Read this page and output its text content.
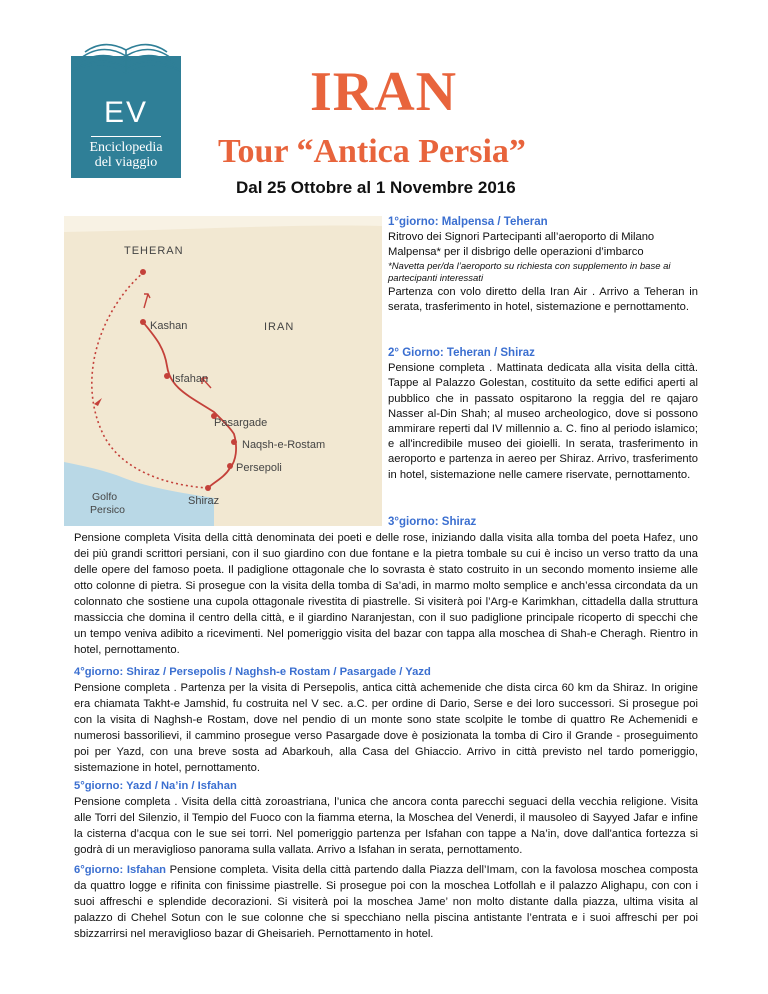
EV
Enciclopedia
del viaggio
IRAN
Tour “Antica Persia”
Dal 25 Ottobre al 1 Novembre 2016
TEHERAN
Kashan	IRAN
Isfahan
Pasargade
Naqsh-e-Rostam
Persepoli
Shiraz
Golfo
Persico
1°giorno: Malpensa / Teheran
Ritrovo dei Signori Partecipanti all’aeroporto di Milano Malpensa* per il disbrigo delle operazioni d’imbarco
*Navetta per/da l’aeroporto su richiesta con supplemento in base ai partecipanti interessati
Partenza con volo diretto della Iran Air . Arrivo a Teheran in serata, trasferimento in hotel, sistemazione e pernottamento.
2° Giorno: Teheran / Shiraz
Pensione completa . Mattinata dedicata alla visita della città. Tappe al Palazzo Golestan, costituito da sette edifici aperti al pubblico che in passato ospitarono la reggia del re qajaro Nasser al-Din Shah; al museo archeologico, dove si possono ammirare reperti dal IV millennio a. C. fino al periodo islamico; e all'incredibile museo dei gioielli. In serata, trasferimento in aeroporto e partenza in aereo per Shiraz. Arrivo, trasferimento in hotel, sistemazione nelle camere riservate, pernottamento.
3°giorno: Shiraz
Pensione completa Visita della città denominata dei poeti e delle rose, iniziando dalla visita alla tomba del poeta Hafez, uno dei più grandi scrittori persiani, con il suo giardino con due fontane e la pietra tombale su cui è inciso un verso tratto da una delle opere del famoso poeta. Il padiglione ottagonale che lo sovrasta è stato costruito in un secondo momento insieme alle otto colonne di pietra. Si prosegue con la visita della tomba di Sa’adi, in marmo molto semplice e anch’essa circondata da un colonnato che sostiene una cupola ottagonale rivestita di piastrelle. Si visiterà poi l’Arg-e Karimkhan, cittadella dalla struttura massiccia che domina il centro della città, e il giardino Naranjestan, con il suo padiglione principale ricoperto di specchi che un tempo veniva adibito a ricevimenti. Nel pomeriggio visita del bazar con tappa alla moschea di Shah-e Cheragh. Rientro in hotel, pernottamento.
4°giorno: Shiraz / Persepolis / Naghsh-e Rostam / Pasargade / Yazd

Pensione completa . Partenza per la visita di Persepolis, antica città achemenide che dista circa 60 km da Shiraz. In origine era chiamata Takht-e Jamshid, fu costruita nel V sec. a.C. per ordine di Dario, Serse e dei loro successori. Si prosegue poi con la visita di Naghsh-e Rostam, dove nel pendio di un monte sono state scolpite le tombe di quattro Re Achemenidi e numerosi bassorilievi, il cammino prosegue verso Pasargade dove è posizionata la tomba di Ciro il Grande - proseguimento poi per Yazd, con una breve sosta ad Abarkouh, alla Casa del Ghiaccio. Arrivo in città previsto nel tardo pomeriggio, sistemazione in hotel, pernottamento.

5°giorno: Yazd / Na’in / Isfahan

Pensione completa . Visita della città zoroastriana, l’unica che ancora conta parecchi seguaci della vecchia religione. Visita alle Torri del Silenzio, il Tempio del Fuoco con la fiamma eterna, la Moschea del Venerdi, il mausoleo di Sayyed Jafar e infine la cisterna d’acqua con le sue sei torri. Nel pomeriggio partenza per Isfahan con tappe a Na’in, dove dall'antica fortezza si godrà di un meraviglioso panorama sulla vallata. Arrivo a Isfahan in serata, pernottamento.

6°giorno: Isfahan Pensione completa. Visita della città partendo dalla Piazza dell’Imam, con la favolosa moschea composta da quattro logge e rifinita con finissime piastrelle. Si prosegue poi con la moschea Lotfollah e il palazzo Alighapu, con con i suoi affreschi e splendide decorazioni. Si visiterà poi la moschea Jame’ non molto distante dalla piazza, ultima visita al palazzo di Chehel Sotun con le sue colonne che si specchiano nella piscina antistante l’entrata e i suoi affreschi per poi sbizzarrirsi nel meraviglioso bazar di Gheisarieh. Pernottamento in hotel.
